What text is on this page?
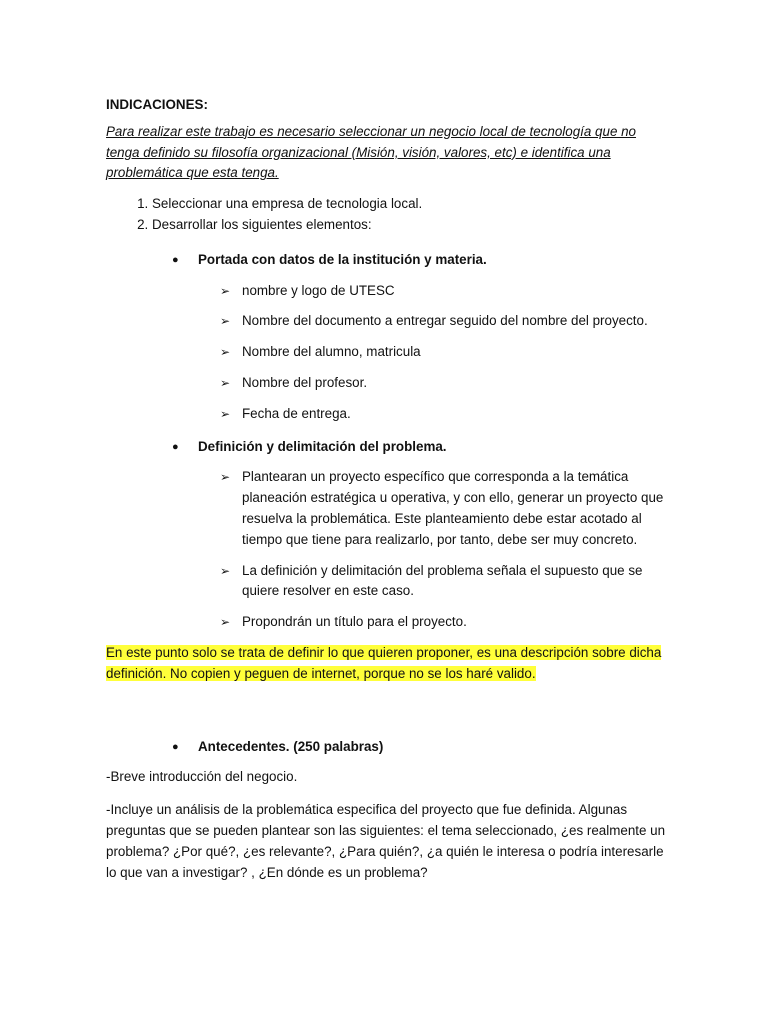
INDICACIONES:
Para realizar este trabajo es necesario seleccionar un negocio local de tecnología que no tenga definido su filosofía organizacional (Misión, visión, valores, etc) e identifica una problemática que esta tenga.
1. Seleccionar una empresa de tecnologia local.
2. Desarrollar los siguientes elementos:
● Portada con datos de la institución y materia.
➢ nombre y logo de UTESC
➢ Nombre del documento a entregar seguido del nombre del proyecto.
➢ Nombre del alumno, matricula
➢ Nombre del profesor.
➢ Fecha de entrega.
● Definición y delimitación del problema.
➢ Plantearan un proyecto específico que corresponda a la temática planeación estratégica u operativa, y con ello, generar un proyecto que resuelva la problemática. Este planteamiento debe estar acotado al tiempo que tiene para realizarlo, por tanto, debe ser muy concreto.
➢ La definición y delimitación del problema señala el supuesto que se quiere resolver en este caso.
➢ Propondrán un título para el proyecto.
En este punto solo se trata de definir lo que quieren proponer, es una descripción sobre dicha definición. No copien y peguen de internet, porque no se los haré valido.
● Antecedentes. (250 palabras)
-Breve introducción del negocio.
-Incluye un análisis de la problemática especifica del proyecto que fue definida. Algunas preguntas que se pueden plantear son las siguientes: el tema seleccionado, ¿es realmente un problema? ¿Por qué?, ¿es relevante?, ¿Para quién?, ¿a quién le interesa o podría interesarle lo que van a investigar? , ¿En dónde es un problema?
